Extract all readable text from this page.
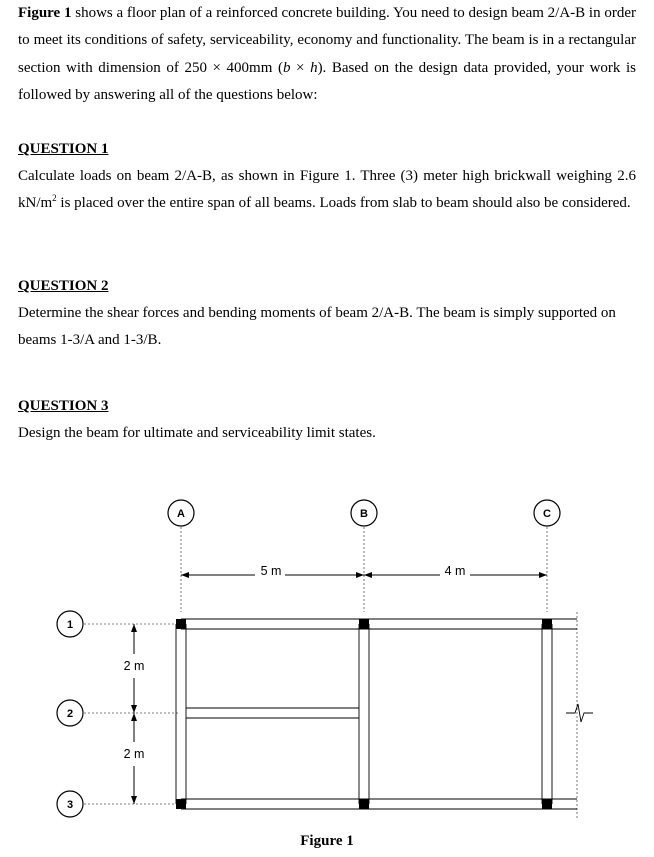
Figure 1 shows a floor plan of a reinforced concrete building. You need to design beam 2/A-B in order to meet its conditions of safety, serviceability, economy and functionality. The beam is in a rectangular section with dimension of 250 × 400mm (b × h). Based on the design data provided, your work is followed by answering all of the questions below:
QUESTION 1
Calculate loads on beam 2/A-B, as shown in Figure 1. Three (3) meter high brickwall weighing 2.6 $kN/m^2$ is placed over the entire span of all beams. Loads from slab to beam should also be considered.
QUESTION 2
Determine the shear forces and bending moments of beam 2/A-B. The beam is simply supported on beams 1-3/A and 1-3/B.
QUESTION 3
Design the beam for ultimate and serviceability limit states.
A	B	C
1
2
3
5 m	4 m
2 m
2 m
Figure 1
